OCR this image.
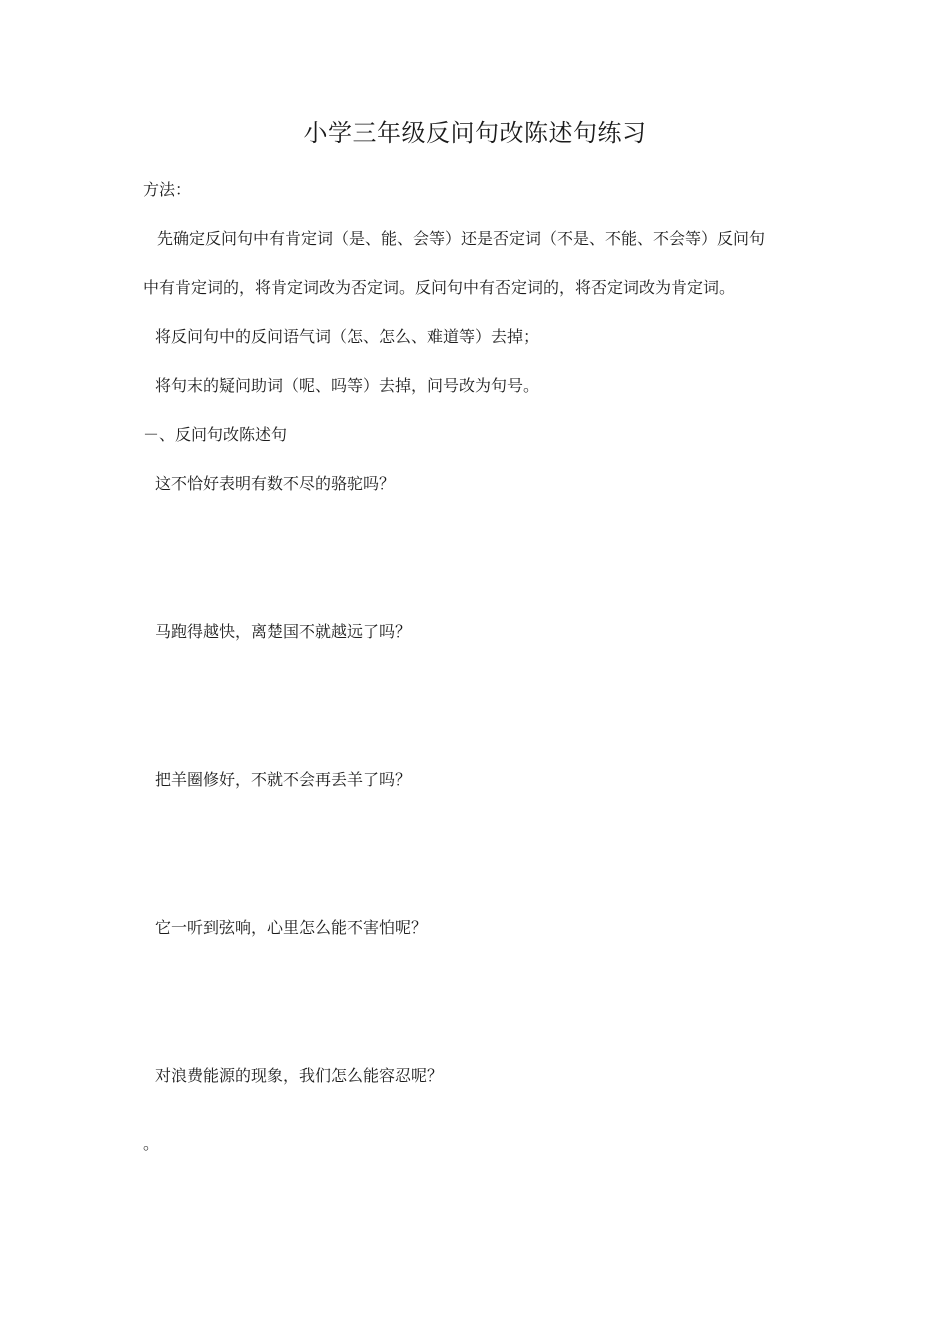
小学三年级反问句改陈述句练习
方法：
先确定反问句中有肯定词（是、能、会等）还是否定词（不是、不能、不会等）反问句
中有肯定词的，将肯定词改为否定词。反问句中有否定词的，将否定词改为肯定词。
将反问句中的反问语气词（怎、怎么、难道等）去掉；
将句末的疑问助词（呢、吗等）去掉，问号改为句号。
－、反问句改陈述句
这不恰好表明有数不尽的骆驼吗？
马跑得越快，离楚国不就越远了吗？
把羊圈修好，不就不会再丢羊了吗？
它一听到弦响，心里怎么能不害怕呢？
对浪费能源的现象，我们怎么能容忍呢？
。
